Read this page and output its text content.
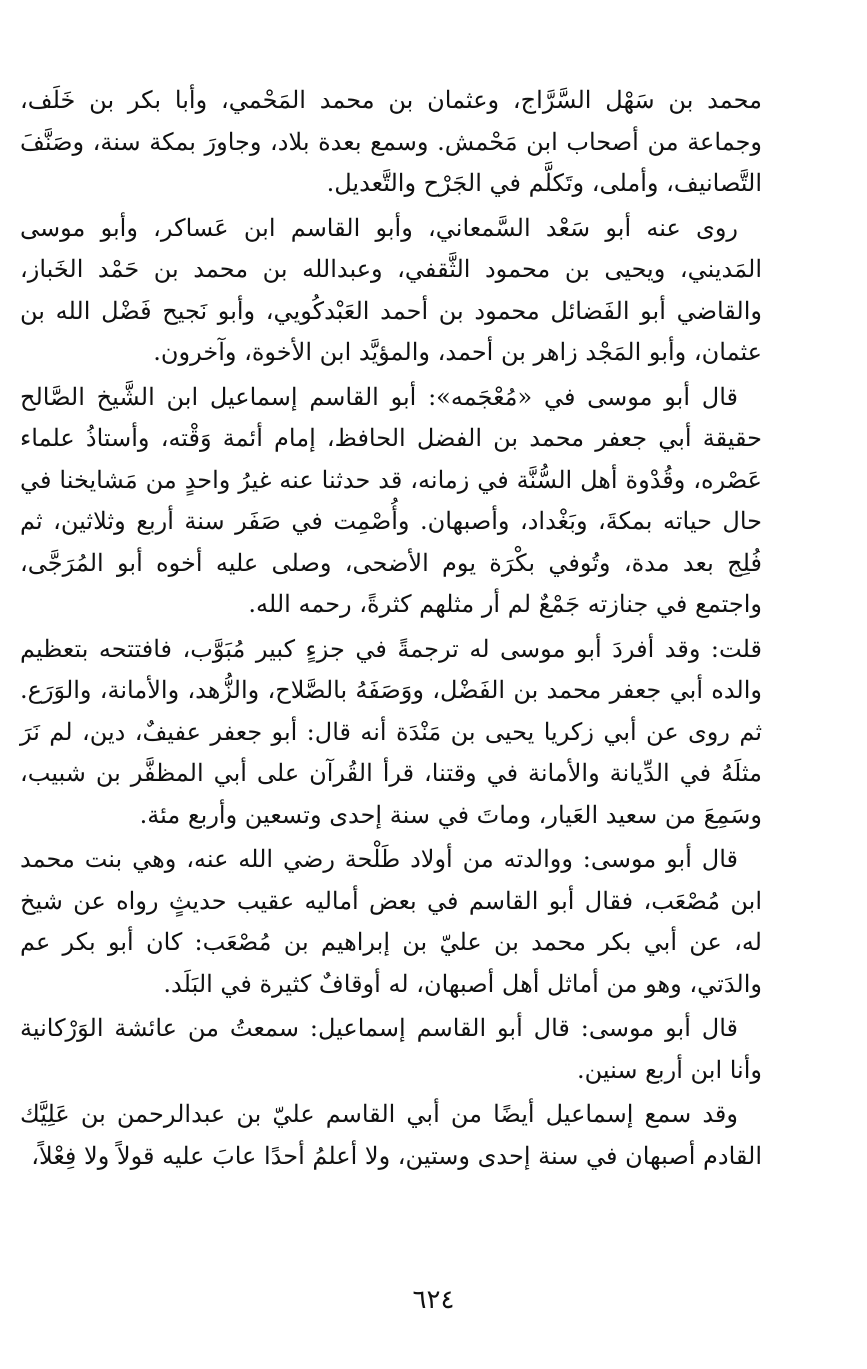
محمد بن سَهْل السَّرَّاج، وعثمان بن محمد المَحْمي، وأبا بكر بن خَلَف، وجماعة من أصحاب ابن مَحْمش. وسمع بعدة بلاد، وجاورَ بمكة سنة، وصَنَّفَ التَّصانيف، وأملى، وتَكلَّم في الجَرْح والتَّعديل.

روى عنه أبو سَعْد السَّمعاني، وأبو القاسم ابن عَساكر، وأبو موسى المَديني، ويحيى بن محمود الثَّقفي، وعبدالله بن محمد بن حَمْد الخَباز، والقاضي أبو الفَضائل محمود بن أحمد العَبْدكُويي، وأبو نَجيح فَضْل الله بن عثمان، وأبو المَجْد زاهر بن أحمد، والمؤيَّد ابن الأخوة، وآخرون.

قال أبو موسى في «مُعْجَمه»: أبو القاسم إسماعيل ابن الشَّيخ الصَّالح حقيقة أبي جعفر محمد بن الفضل الحافظ، إمام أئمة وَقْته، وأستاذُ علماء عَصْره، وقُدْوة أهل السُّنَّة في زمانه، قد حدثنا عنه غيرُ واحدٍ من مَشايخنا في حال حياته بمكةَ، وبَغْداد، وأصبهان. وأُصْمِت في صَفَر سنة أربع وثلاثين، ثم فُلِج بعد مدة، وتُوفي بكْرَة يوم الأضحى، وصلى عليه أخوه أبو المُرَجَّى، واجتمع في جنازته جَمْعٌ لم أر مثلهم كثرةً، رحمه الله.

قلت: وقد أفردَ أبو موسى له ترجمةً في جزءٍ كبير مُبَوَّب، فافتتحه بتعظيم والده أبي جعفر محمد بن الفَضْل، ووَصَفَهُ بالصَّلاح، والزُّهد، والأمانة، والوَرَع. ثم روى عن أبي زكريا يحيى بن مَنْدَة أنه قال: أبو جعفر عفيفٌ، دين، لم نَرَ مثلَهُ في الدِّيانة والأمانة في وقتنا، قرأ القُرآن على أبي المظفَّر بن شبيب، وسَمِعَ من سعيد العَيار، وماتَ في سنة إحدى وتسعين وأربع مئة.

قال أبو موسى: ووالدته من أولاد طَلْحة رضي الله عنه، وهي بنت محمد ابن مُصْعَب، فقال أبو القاسم في بعض أماليه عقيب حديثٍ رواه عن شيخ له، عن أبي بكر محمد بن عليّ بن إبراهيم بن مُصْعَب: كان أبو بكر عم والدَتي، وهو من أماثل أهل أصبهان، له أوقافٌ كثيرة في البَلَد.

قال أبو موسى: قال أبو القاسم إسماعيل: سمعتُ من عائشة الوَرْكانية وأنا ابن أربع سنين.

وقد سمع إسماعيل أيضًا من أبي القاسم عليّ بن عبدالرحمن بن عَلِيَّك القادم أصبهان في سنة إحدى وستين، ولا أعلمُ أحدًا عابَ عليه قولاً ولا فِعْلاً،

٦٢٤
